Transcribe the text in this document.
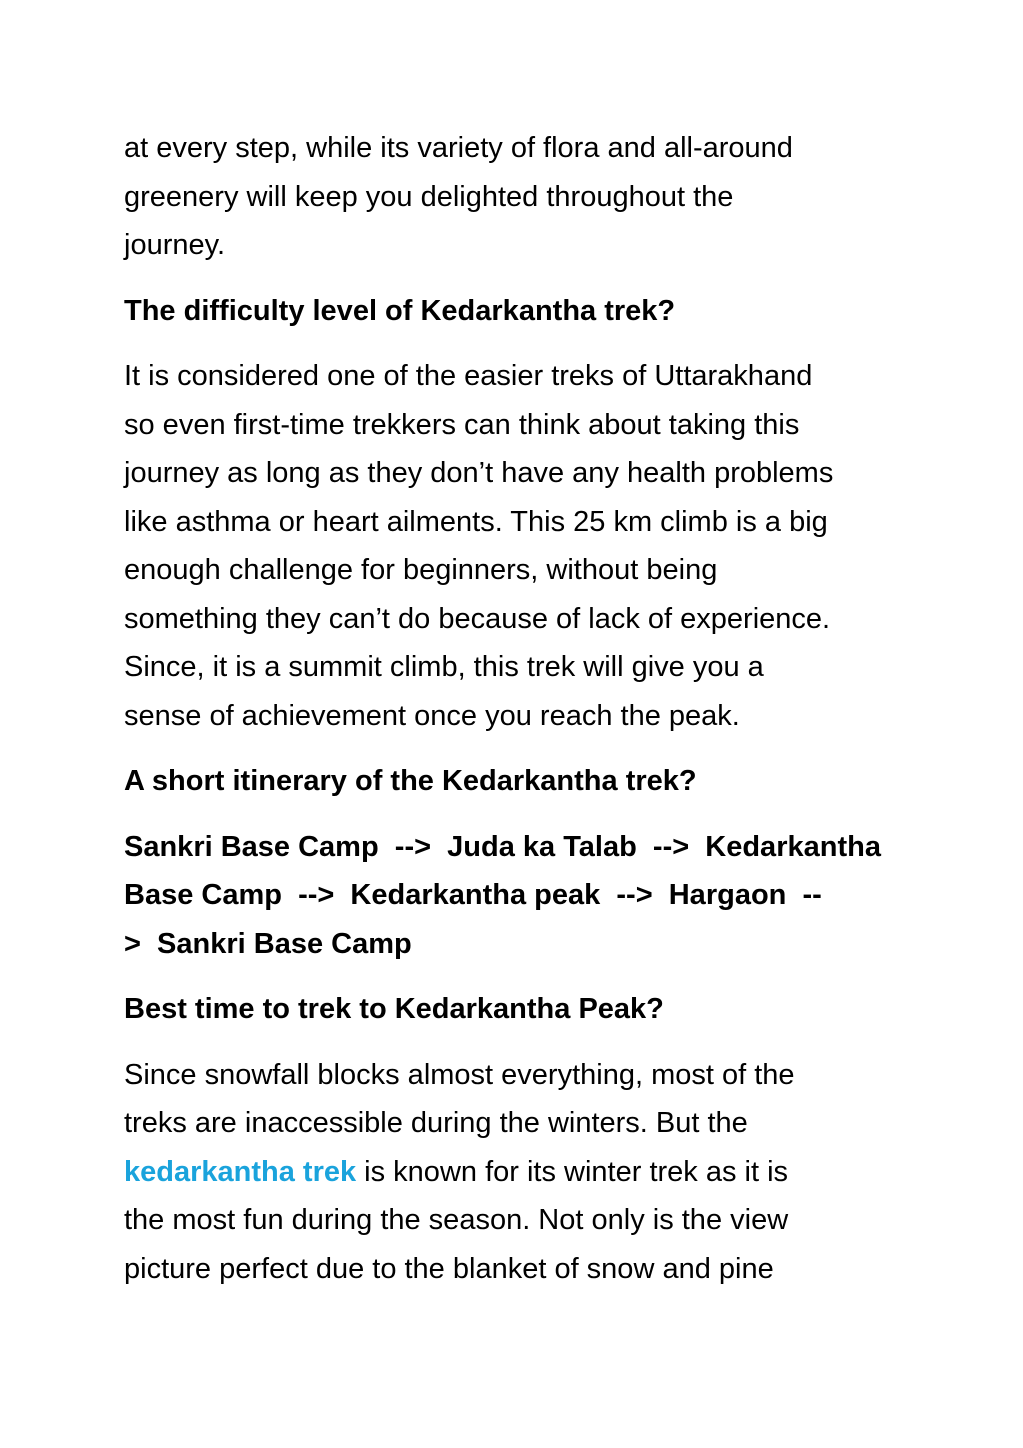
at every step, while its variety of flora and all-around
greenery will keep you delighted throughout the
journey.

The difficulty level of Kedarkantha trek?

It is considered one of the easier treks of Uttarakhand
so even first-time trekkers can think about taking this
journey as long as they don’t have any health problems
like asthma or heart ailments. This 25 km climb is a big
enough challenge for beginners, without being
something they can’t do because of lack of experience.
Since, it is a summit climb, this trek will give you a
sense of achievement once you reach the peak.

A short itinerary of the Kedarkantha trek?

Sankri Base Camp  -->  Juda ka Talab  -->  Kedarkantha
Base Camp  -->  Kedarkantha peak  -->  Hargaon  --
>  Sankri Base Camp

Best time to trek to Kedarkantha Peak?

Since snowfall blocks almost everything, most of the
treks are inaccessible during the winters. But the
kedarkantha trek is known for its winter trek as it is
the most fun during the season. Not only is the view
picture perfect due to the blanket of snow and pine
